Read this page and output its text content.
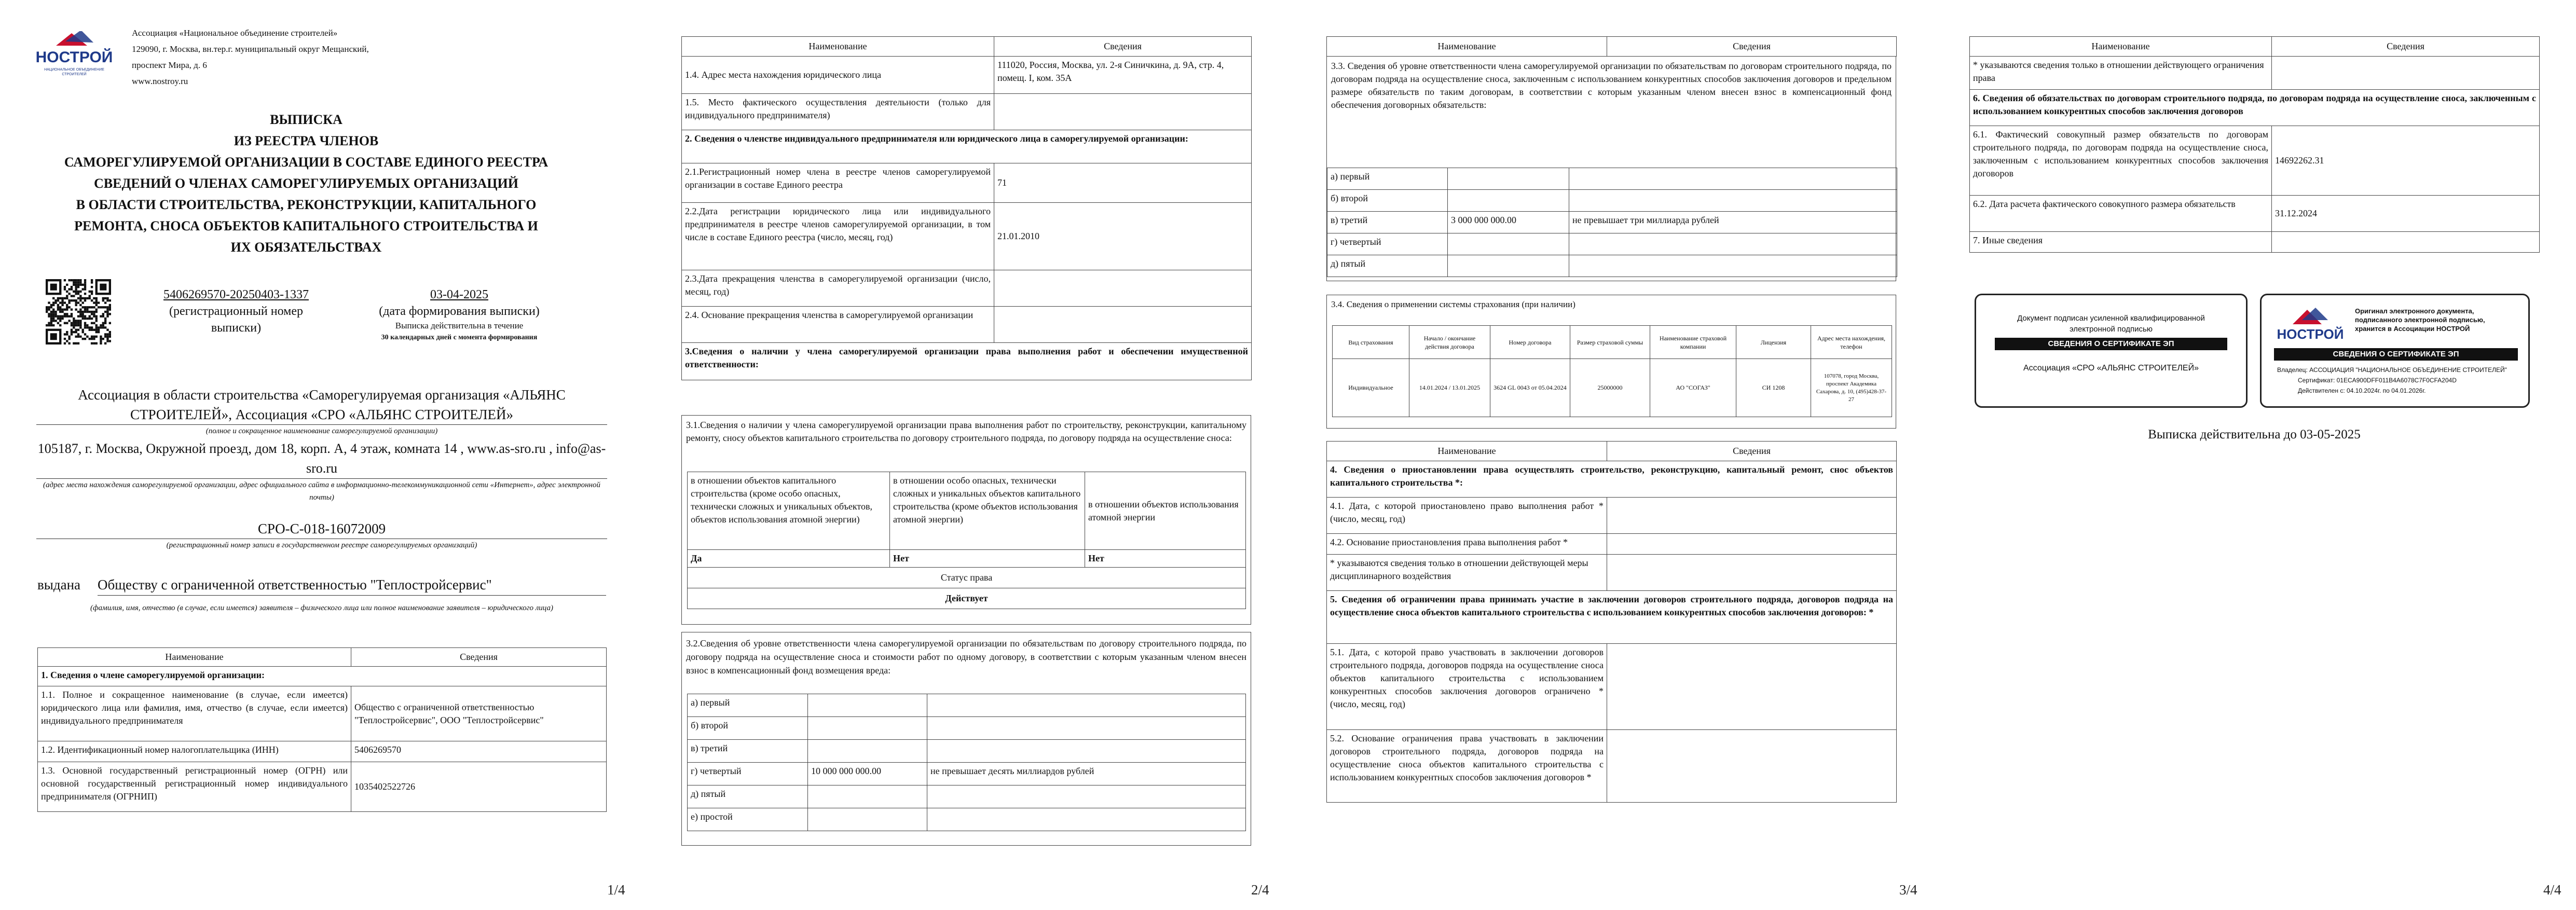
НОСТРОЙ
НАЦИОНАЛЬНОЕ ОБЪЕДИНЕНИЕ СТРОИТЕЛЕЙ
Ассоциация «Национальное объединение строителей»
129090, г. Москва, вн.тер.г. муниципальный округ Мещанский,
проспект Мира, д. 6
www.nostroy.ru
ВЫПИСКА
ИЗ РЕЕСТРА ЧЛЕНОВ
САМОРЕГУЛИРУЕМОЙ ОРГАНИЗАЦИИ В СОСТАВЕ ЕДИНОГО РЕЕСТРА
СВЕДЕНИЙ О ЧЛЕНАХ САМОРЕГУЛИРУЕМЫХ ОРГАНИЗАЦИЙ
В ОБЛАСТИ СТРОИТЕЛЬСТВА, РЕКОНСТРУКЦИИ, КАПИТАЛЬНОГО
РЕМОНТА, СНОСА ОБЪЕКТОВ КАПИТАЛЬНОГО СТРОИТЕЛЬСТВА И
ИХ ОБЯЗАТЕЛЬСТВАХ
5406269570-20250403-1337
(регистрационный номер выписки)
03-04-2025
(дата формирования выписки)
Выписка действительна в течение
30 календарных дней с момента формирования
Ассоциация в области строительства «Саморегулируемая организация «АЛЬЯНС СТРОИТЕЛЕЙ», Ассоциация «СРО «АЛЬЯНС СТРОИТЕЛЕЙ»
(полное и сокращенное наименование саморегулируемой организации)
105187, г. Москва, Окружной проезд, дом 18, корп. А, 4 этаж, комната 14 , www.as-sro.ru , info@as-sro.ru
(адрес места нахождения саморегулируемой организации, адрес официального сайта в информационно-телекоммуникационной сети «Интернет», адрес электронной почты)
СРО-С-018-16072009
(регистрационный номер записи в государственном реестре саморегулируемых организаций)
выдана Обществу с ограниченной ответственностью "Теплостройсервис"
(фамилия, имя, отчество (в случае, если имеется) заявителя – физического лица или полное наименование заявителя – юридического лица)
Наименование	Сведения
1. Сведения о члене саморегулируемой организации:	
1.1. Полное и сокращенное наименование (в случае, если имеется) юридического лица или фамилия, имя, отчество (в случае, если имеется) индивидуального предпринимателя	Общество с ограниченной ответственностью "Теплостройсервис", ООО "Теплостройсервис"
1.2. Идентификационный номер налогоплательщика (ИНН)	5406269570
1.3. Основной государственный регистрационный номер (ОГРН) или основной государственный регистрационный номер индивидуального предпринимателя (ОГРНИП)	1035402522726
1/4
Наименование	Сведения
1.4. Адрес места нахождения юридического лица	111020, Россия, Москва, ул. 2-я Синичкина, д. 9А, стр. 4, помещ. I, ком. 35А
1.5. Место фактического осуществления деятельности (только для индивидуального предпринимателя)	
2. Сведения о членстве индивидуального предпринимателя или юридического лица в саморегулируемой организации:	
2.1.Регистрационный номер члена в реестре членов саморегулируемой организации в составе Единого реестра	71
2.2.Дата регистрации юридического лица или индивидуального предпринимателя в реестре членов саморегулируемой организации, в том числе в составе Единого реестра (число, месяц, год)	21.01.2010
2.3.Дата прекращения членства в саморегулируемой организации (число, месяц, год)	
2.4. Основание прекращения членства в саморегулируемой организации	
3.Сведения о наличии у члена саморегулируемой организации права выполнения работ и обеспечении имущественной ответственности:	
3.1.Сведения о наличии у члена саморегулируемой организации права выполнения работ по строительству, реконструкции, капитальному ремонту, сносу объектов капитального строительства по договору строительного подряда, по договору подряда на осуществление сноса:
в отношении объектов капитального строительства (кроме особо опасных, технически сложных и уникальных объектов, объектов использования атомной энергии)	в отношении особо опасных, технически сложных и уникальных объектов капитального строительства (кроме объектов использования атомной энергии)	в отношении объектов использования атомной энергии
Да	Нет	Нет
Статус права		
Действует		
3.2.Сведения об уровне ответственности члена саморегулируемой организации по обязательствам по договору строительного подряда, по договору подряда на осуществление сноса и стоимости работ по одному договору, в соответствии с которым указанным членом внесен взнос в компенсационный фонд возмещения вреда:
а) первый		
б) второй		
в) третий		
г) четвертый	10 000 000 000.00	не превышает десять миллиардов рублей
д) пятый		
е) простой		
2/4
Наименование	Сведения
3.3. Сведения об уровне ответственности члена саморегулируемой организации по обязательствам по договорам строительного подряда, по договорам подряда на осуществление сноса, заключенным с использованием конкурентных способов заключения договоров и предельном размере обязательств по таким договорам, в соответствии с которым указанным членом внесен взнос в компенсационный фонд обеспечения договорных обязательств:
а) первый		
б) второй		
в) третий	3 000 000 000.00	не превышает три миллиарда рублей
г) четвертый		
д) пятый		
3.4. Сведения о применении системы страхования (при наличии)
Вид страхования	Начало / окончание действия договора	Номер договора	Размер страховой суммы	Наименование страховой компании	Лицензия	Адрес места нахождения, телефон
Индивидуальное	14.01.2024 / 13.01.2025	3624 GL 0043 от 05.04.2024	25000000	АО "СОГАЗ"	СИ 1208	107078, город Москва, проспект Академика Сахарова, д. 10, (495)428-37-27
Наименование	Сведения
4. Сведения о приостановлении права осуществлять строительство, реконструкцию, капитальный ремонт, снос объектов капитального строительства *:	
4.1. Дата, с которой приостановлено право выполнения работ * (число, месяц, год)	
4.2. Основание приостановления права выполнения работ *	
* указываются сведения только в отношении действующей меры дисциплинарного воздействия	
5. Сведения об ограничении права принимать участие в заключении договоров строительного подряда, договоров подряда на осуществление сноса объектов капитального строительства с использованием конкурентных способов заключения договоров: *	
5.1. Дата, с которой право участвовать в заключении договоров строительного подряда, договоров подряда на осуществление сноса объектов капитального строительства с использованием конкурентных способов заключения договоров ограничено * (число, месяц, год)	
5.2. Основание ограничения права участвовать в заключении договоров строительного подряда, договоров подряда на осуществление сноса объектов капитального строительства с использованием конкурентных способов заключения договоров *	
3/4
Наименование	Сведения
* указываются сведения только в отношении действующего ограничения права	
6. Сведения об обязательствах по договорам строительного подряда, по договорам подряда на осуществление сноса, заключенным с использованием конкурентных способов заключения договоров	
6.1. Фактический совокупный размер обязательств по договорам строительного подряда, по договорам подряда на осуществление сноса, заключенным с использованием конкурентных способов заключения договоров	14692262.31
6.2. Дата расчета фактического совокупного размера обязательств	31.12.2024
7. Иные сведения	
Документ подписан усиленной квалифицированной
электронной подписью
СВЕДЕНИЯ О СЕРТИФИКАТЕ ЭП
Ассоциация «СРО «АЛЬЯНС СТРОИТЕЛЕЙ»
НОСТРОЙ
Оригинал электронного документа,
подписанного электронной подписью,
хранится в Ассоциации НОСТРОЙ
СВЕДЕНИЯ О СЕРТИФИКАТЕ ЭП
Владелец: АССОЦИАЦИЯ "НАЦИОНАЛЬНОЕ ОБЪЕДИНЕНИЕ СТРОИТЕЛЕЙ"
Сертификат: 01ECA900DFF011B4A6078C7F0CFA204D
Действителен с: 04.10.2024г. по 04.01.2026г.
Выписка действительна до 03-05-2025
4/4
